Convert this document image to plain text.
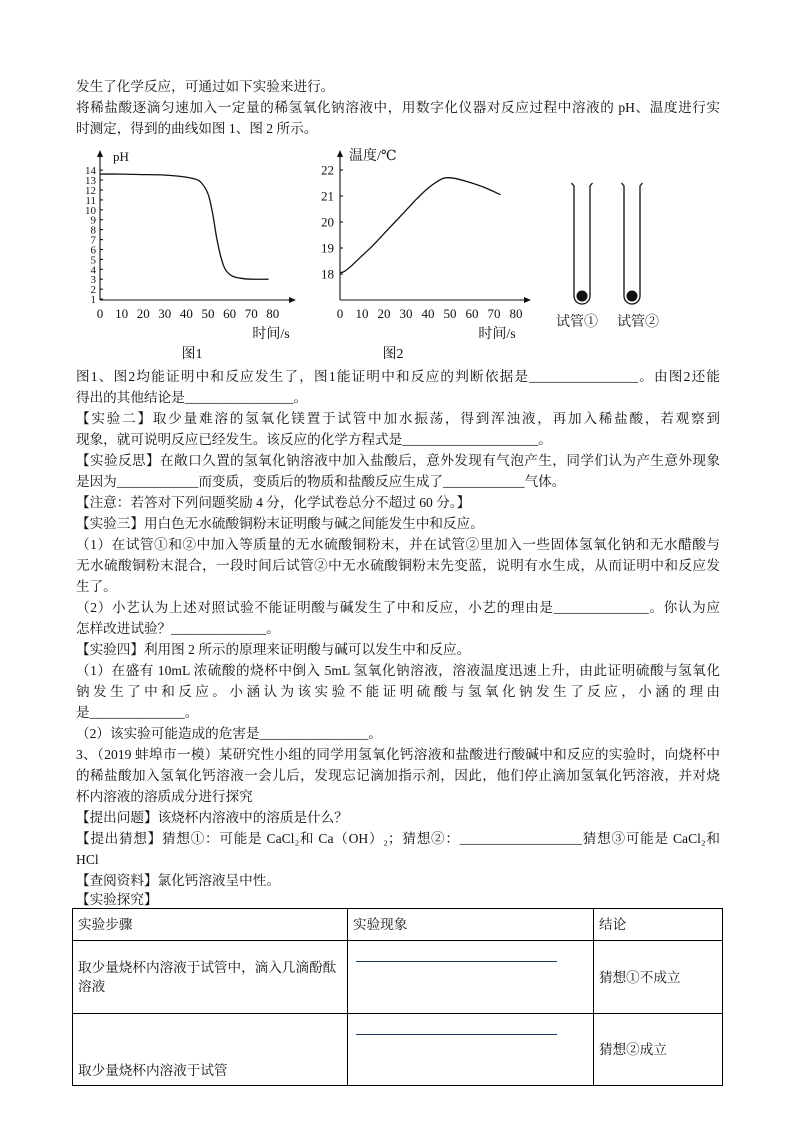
发生了化学反应，可通过如下实验来进行。
将稀盐酸逐滴匀速加入一定量的稀氢氧化钠溶液中，用数字化仪器对反应过程中溶液的 pH、温度进行实
时测定，得到的曲线如图 1、图 2 所示。
pH
时间/s
图1
0 10 20 30 40 50 60 70 80
1
2
3
4
5
6
7
8
9
10
11
12
13
14
温度/℃
时间/s
图2
0 10 20 30 40 50 60 70 80
18
19
20
21
22
试管① 试管②
图1、图2均能证明中和反应发生了，图1能证明中和反应的判断依据是________________。由图2还能
得出的其他结论是________________。
【实验二】取少量难溶的氢氧化镁置于试管中加水振荡，得到浑浊液，再加入稀盐酸，若观察到
现象，就可说明反应已经发生。该反应的化学方程式是____________________。
【实验反思】在敞口久置的氢氧化钠溶液中加入盐酸后，意外发现有气泡产生，同学们认为产生意外现象
是因为____________而变质，变质后的物质和盐酸反应生成了____________气体。
【注意：若答对下列问题奖励 4 分，化学试卷总分不超过 60 分。】
【实验三】用白色无水硫酸铜粉末证明酸与碱之间能发生中和反应。
（1）在试管①和②中加入等质量的无水硫酸铜粉末，并在试管②里加入一些固体氢氧化钠和无水醋酸与
无水硫酸铜粉末混合，一段时间后试管②中无水硫酸铜粉末先变蓝，说明有水生成，从而证明中和反应发
生了。
（2）小艺认为上述对照试验不能证明酸与碱发生了中和反应，小艺的理由是______________。你认为应
怎样改进试验？______________。
【实验四】利用图 2 所示的原理来证明酸与碱可以发生中和反应。
（1）在盛有 10mL 浓硫酸的烧杯中倒入 5mL 氢氧化钠溶液，溶液温度迅速上升，由此证明硫酸与氢氧化
钠发生了中和反应。小涵认为该实验不能证明硫酸与氢氧化钠发生了反应，小涵的理由
是______________。
（2）该实验可能造成的危害是________________。
3、（2019 蚌埠市一模）某研究性小组的同学用氢氧化钙溶液和盐酸进行酸碱中和反应的实验时，向烧杯中
的稀盐酸加入氢氧化钙溶液一会儿后，发现忘记滴加指示剂，因此，他们停止滴加氢氧化钙溶液，并对烧
杯内溶液的溶质成分进行探究
【提出问题】该烧杯内溶液中的溶质是什么？
【提出猜想】猜想①：可能是 CaCl₂和 Ca（OH）₂；猜想②：__________________猜想③可能是 CaCl₂和
HCl
【查阅资料】氯化钙溶液呈中性。
【实验探究】
实验步骤	实验现象	结论
取少量烧杯内溶液于试管中，滴入几滴酚酞溶液		猜想①不成立
取少量烧杯内溶液于试管		猜想②成立
